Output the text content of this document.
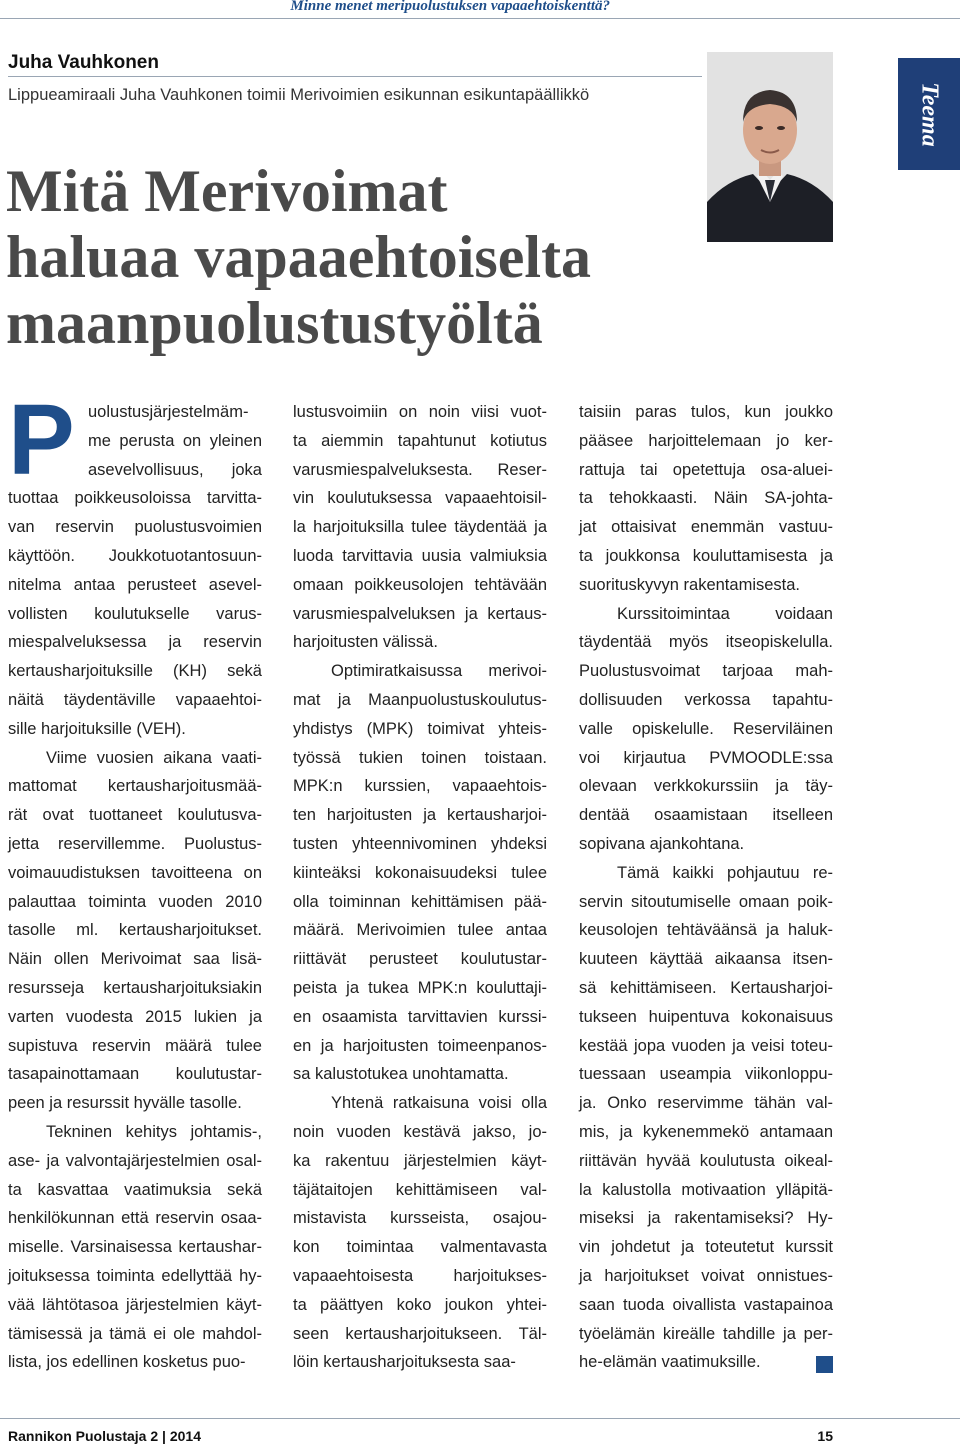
Minne menet meripuolustuksen vapaaehtoiskenttä?
Juha Vauhkonen
Lippueamiraali Juha Vauhkonen toimii Merivoimien esikunnan esikuntapäällikkö
Mitä Merivoimat
haluaa vapaaehtoiselta
maanpuolustustyöltä
Teema
P uolustusjärjestelmäm-
me perusta on yleinen
asevelvollisuus, joka
tuottaa poikkeusoloissa tarvitta-
van reservin puolustusvoimien
käyttöön. Joukkotuotantosuun-
nitelma antaa perusteet asevel-
vollisten koulutukselle varus-
miespalveluksessa ja reservin
kertausharjoituksille (KH) sekä
näitä täydentäville vapaaehtoi-
sille harjoituksille (VEH).
Viime vuosien aikana vaati-
mattomat kertausharjoitusmää-
rät ovat tuottaneet koulutusva-
jetta reservillemme. Puolustus-
voimauudistuksen tavoitteena on
palauttaa toiminta vuoden 2010
tasolle ml. kertausharjoitukset.
Näin ollen Merivoimat saa lisä-
resursseja kertausharjoituksiakin
varten vuodesta 2015 lukien ja
supistuva reservin määrä tulee
tasapainottamaan koulutustar-
peen ja resurssit hyvälle tasolle.
Tekninen kehitys johtamis-,
ase- ja valvontajärjestelmien osal-
ta kasvattaa vaatimuksia sekä
henkilökunnan että reservin osaa-
miselle. Varsinaisessa kertaushar-
joituksessa toiminta edellyttää hy-
vää lähtötasoa järjestelmien käyt-
tämisessä ja tämä ei ole mahdol-
lista, jos edellinen kosketus puo-
lustusvoimiin on noin viisi vuot-
ta aiemmin tapahtunut kotiutus
varusmiespalveluksesta. Reser-
vin koulutuksessa vapaaehtoisil-
la harjoituksilla tulee täydentää ja
luoda tarvittavia uusia valmiuksia
omaan poikkeusolojen tehtävään
varusmiespalveluksen ja kertaus-
harjoitusten välissä.
Optimiratkaisussa merivoi-
mat ja Maanpuolustuskoulutus-
yhdistys (MPK) toimivat yhteis-
työssä tukien toinen toistaan.
MPK:n kurssien, vapaaehtois-
ten harjoitusten ja kertausharjoi-
tusten yhteennivominen yhdeksi
kiinteäksi kokonaisuudeksi tulee
olla toiminnan kehittämisen pää-
määrä. Merivoimien tulee antaa
riittävät perusteet koulutustar-
peista ja tukea MPK:n kouluttaji-
en osaamista tarvittavien kurssi-
en ja harjoitusten toimeenpanos-
sa kalustotukea unohtamatta.
Yhtenä ratkaisuna voisi olla
noin vuoden kestävä jakso, jo-
ka rakentuu järjestelmien käyt-
täjätaitojen kehittämiseen val-
mistavista kursseista, osajou-
kon toimintaa valmentavasta
vapaaehtoisesta harjoitukses-
ta päättyen koko joukon yhtei-
seen kertausharjoitukseen. Täl-
löin kertausharjoituksesta saa-
taisiin paras tulos, kun joukko
pääsee harjoittelemaan jo ker-
rattuja tai opetettuja osa-aluei-
ta tehokkaasti. Näin SA-johta-
jat ottaisivat enemmän vastuu-
ta joukkonsa kouluttamisesta ja
suorituskyvyn rakentamisesta.
Kurssitoimintaa voidaan
täydentää myös itseopiskelulla.
Puolustusvoimat tarjoaa mah-
dollisuuden verkossa tapahtu-
valle opiskelulle. Reserviläinen
voi kirjautua PVMOODLE:ssa
olevaan verkkokurssiin ja täy-
dentää osaamistaan itselleen
sopivana ajankohtana.
Tämä kaikki pohjautuu re-
servin sitoutumiselle omaan poik-
keusolojen tehtäväänsä ja haluk-
kuuteen käyttää aikaansa itsen-
sä kehittämiseen. Kertausharjoi-
tukseen huipentuva kokonaisuus
kestää jopa vuoden ja veisi toteu-
tuessaan useampia viikonloppu-
ja. Onko reservimme tähän val-
mis, ja kykenemmekö antamaan
riittävän hyvää koulutusta oikeal-
la kalustolla motivaation ylläpitä-
miseksi ja rakentamiseksi? Hy-
vin johdetut ja toteutetut kurssit
ja harjoitukset voivat onnistues-
saan tuoda oivallista vastapainoa
työelämän kireälle tahdille ja per-
he-elämän vaatimuksille.
Rannikon Puolustaja 2 | 2014	15
